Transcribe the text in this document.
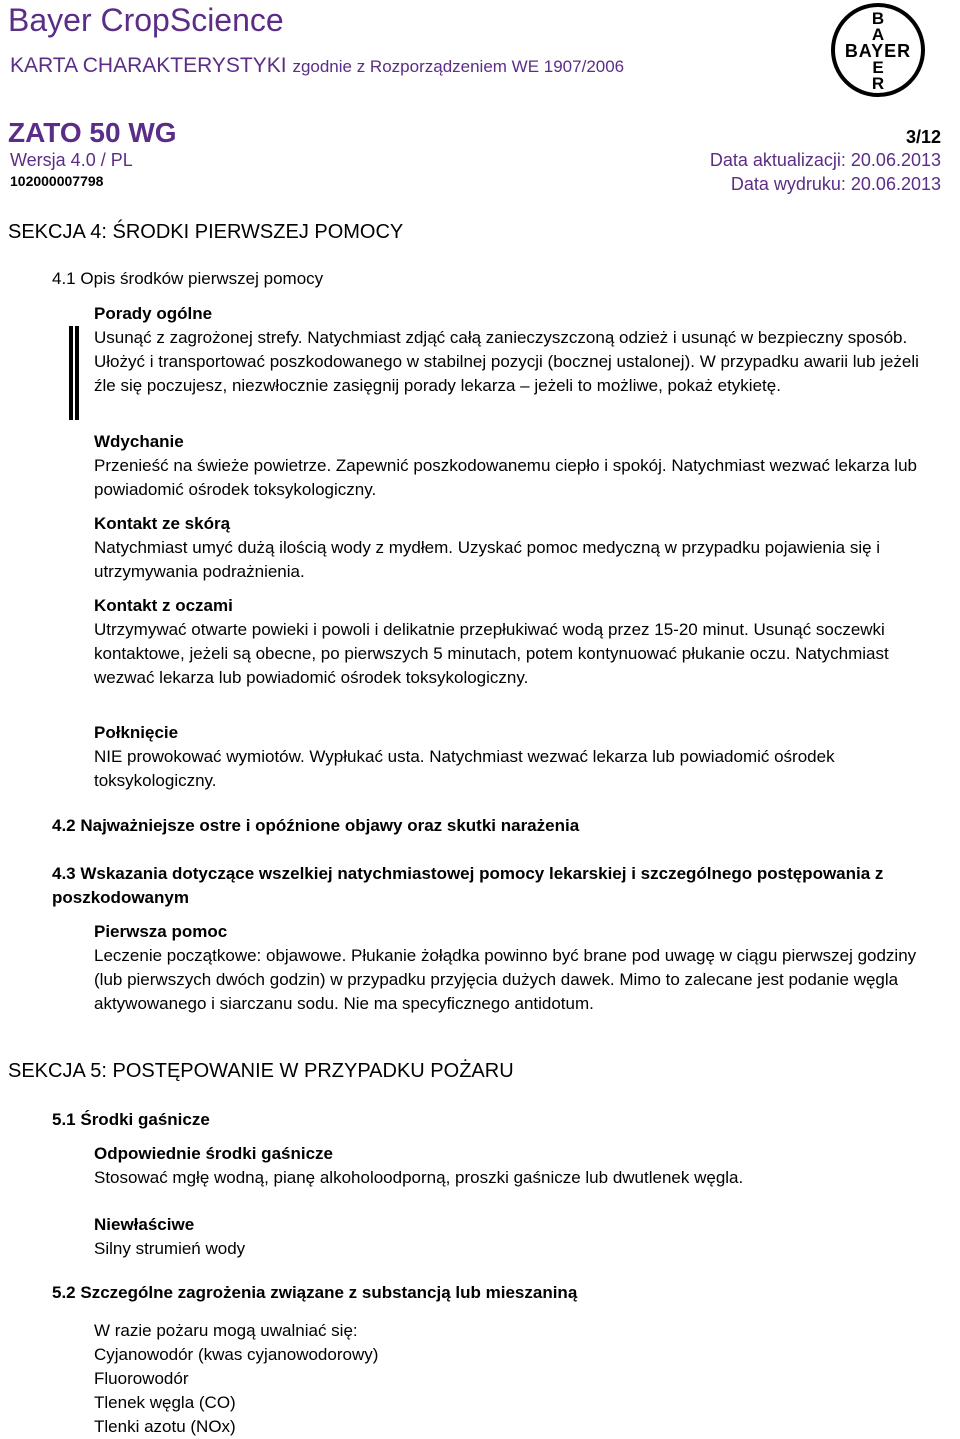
Bayer CropScience
KARTA CHARAKTERYSTYKI zgodnie z Rozporządzeniem WE 1907/2006
B
A
E
R
BAYER
ZATO 50 WG
Wersja 4.0 / PL
102000007798
3/12
Data aktualizacji: 20.06.2013
Data wydruku: 20.06.2013
SEKCJA 4: ŚRODKI PIERWSZEJ POMOCY
4.1 Opis środków pierwszej pomocy

Porady ogólne

Usunąć z zagrożonej strefy. Natychmiast zdjąć całą zanieczyszczoną odzież i usunąć w bezpieczny sposób. Ułożyć i transportować poszkodowanego w stabilnej pozycji (bocznej ustalonej). W przypadku awarii lub jeżeli źle się poczujesz, niezwłocznie zasięgnij porady lekarza – jeżeli to możliwe, pokaż etykietę.

Wdychanie

Przenieść na świeże powietrze. Zapewnić poszkodowanemu ciepło i spokój. Natychmiast wezwać lekarza lub powiadomić ośrodek toksykologiczny.

Kontakt ze skórą

Natychmiast umyć dużą ilością wody z mydłem. Uzyskać pomoc medyczną w przypadku pojawienia się i utrzymywania podrażnienia.

Kontakt z oczami

Utrzymywać otwarte powieki i powoli i delikatnie przepłukiwać wodą przez 15-20 minut. Usunąć soczewki kontaktowe, jeżeli są obecne, po pierwszych 5 minutach, potem kontynuować płukanie oczu. Natychmiast wezwać lekarza lub powiadomić ośrodek toksykologiczny.

Połknięcie

NIE prowokować wymiotów. Wypłukać usta. Natychmiast wezwać lekarza lub powiadomić ośrodek toksykologiczny.

4.2 Najważniejsze ostre i opóźnione objawy oraz skutki narażenia
4.3 Wskazania dotyczące wszelkiej natychmiastowej pomocy lekarskiej i szczególnego postępowania z poszkodowanym

Pierwsza pomoc

Leczenie początkowe: objawowe. Płukanie żołądka powinno być brane pod uwagę w ciągu pierwszej godziny (lub pierwszych dwóch godzin) w przypadku przyjęcia dużych dawek. Mimo to zalecane jest podanie węgla aktywowanego i siarczanu sodu. Nie ma specyficznego antidotum.

SEKCJA 5: POSTĘPOWANIE W PRZYPADKU POŻARU
5.1 Środki gaśnicze

Odpowiednie środki gaśnicze

Stosować mgłę wodną, pianę alkoholoodporną, proszki gaśnicze lub dwutlenek węgla.

Niewłaściwe

Silny strumień wody

5.2 Szczególne zagrożenia związane z substancją lub mieszaniną

W razie pożaru mogą uwalniać się:

Cyjanowodór (kwas cyjanowodorowy)

Fluorowodór

Tlenek węgla (CO)

Tlenki azotu (NOx)
